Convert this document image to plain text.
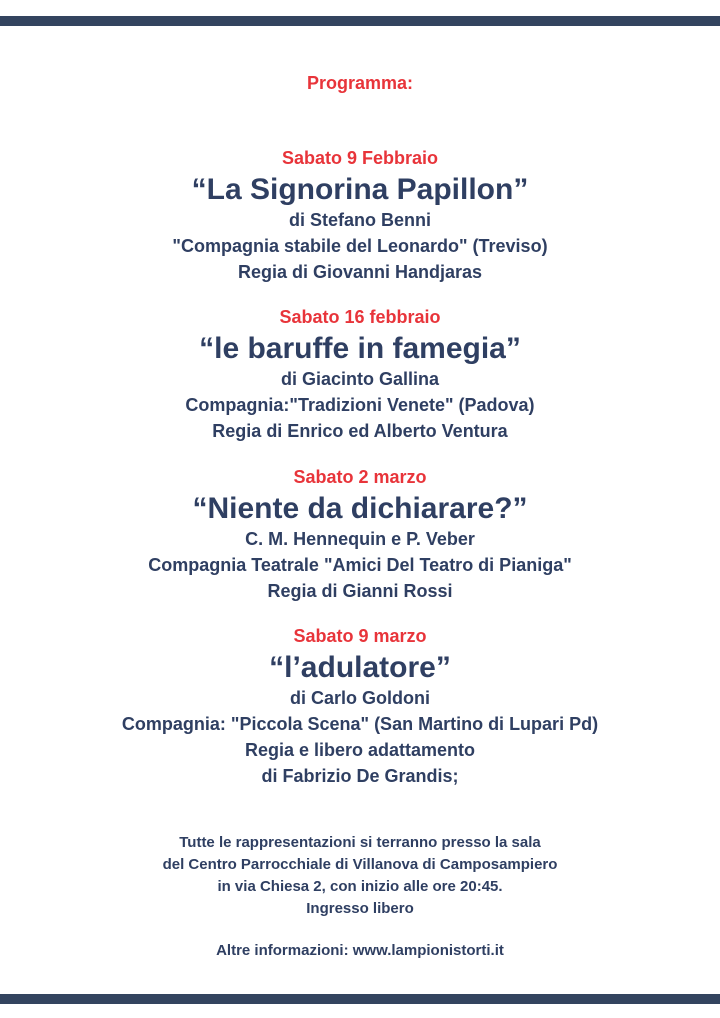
Programma:
Sabato 9 Febbraio
“La Signorina Papillon”
di Stefano Benni
"Compagnia stabile del Leonardo" (Treviso)
Regia di Giovanni Handjaras
Sabato 16 febbraio
“le baruffe in famegia”
di Giacinto Gallina
Compagnia:"Tradizioni Venete" (Padova)
Regia di Enrico ed Alberto Ventura
Sabato 2 marzo
“Niente da dichiarare?”
C. M. Hennequin e P. Veber
Compagnia Teatrale "Amici Del Teatro di Pianiga"
Regia di Gianni Rossi
Sabato 9 marzo
“l’adulatore”
di Carlo Goldoni
Compagnia: "Piccola Scena" (San Martino di Lupari Pd)
Regia e libero adattamento
di Fabrizio De Grandis;
Tutte le rappresentazioni si terranno presso la sala
del Centro Parrocchiale di Villanova di Camposampiero
in via Chiesa 2, con inizio alle ore 20:45.
Ingresso libero
Altre informazioni: www.lampionistorti.it
